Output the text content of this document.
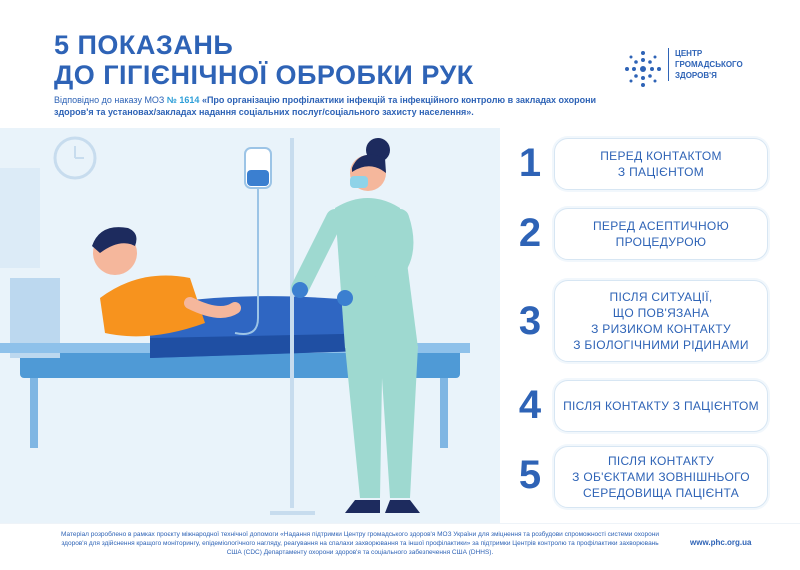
5 ПОКАЗАНЬ
ДО ГІГІЄНІЧНОЇ ОБРОБКИ РУК
Відповідно до наказу МОЗ № 1614 «Про організацію профілактики інфекцій та інфекційного контролю в закладах охорони здоров'я та установах/закладах надання соціальних послуг/соціального захисту населення».
ЦЕНТР ГРОМАДСЬКОГО ЗДОРОВ'Я
1	ПЕРЕД КОНТАКТОМ
З ПАЦІЄНТОМ
2	ПЕРЕД АСЕПТИЧНОЮ
ПРОЦЕДУРОЮ
3
ПІСЛЯ СИТУАЦІЇ,
ЩО ПОВ'ЯЗАНА
З РИЗИКОМ КОНТАКТУ
З БІОЛОГІЧНИМИ РІДИНАМИ
4	ПІСЛЯ КОНТАКТУ З ПАЦІЄНТОМ
5	ПІСЛЯ КОНТАКТУ
З ОБ'ЄКТАМИ ЗОВНІШНЬОГО
СЕРЕДОВИЩА ПАЦІЄНТА
Матеріал розроблено в рамках проєкту міжнародної технічної допомоги «Надання підтримки Центру громадського здоров'я МОЗ України для зміцнення та розбудови спроможності системи охорони здоров'я для здійснення кращого моніторингу, епідеміологічного нагляду, реагування на спалахи захворювання та іншої профілактики» за підтримки Центрів контролю та профілактики захворювань США (CDC) Департаменту охорони здоров'я та соціального забезпечення США (DHHS).
www.phc.org.ua
